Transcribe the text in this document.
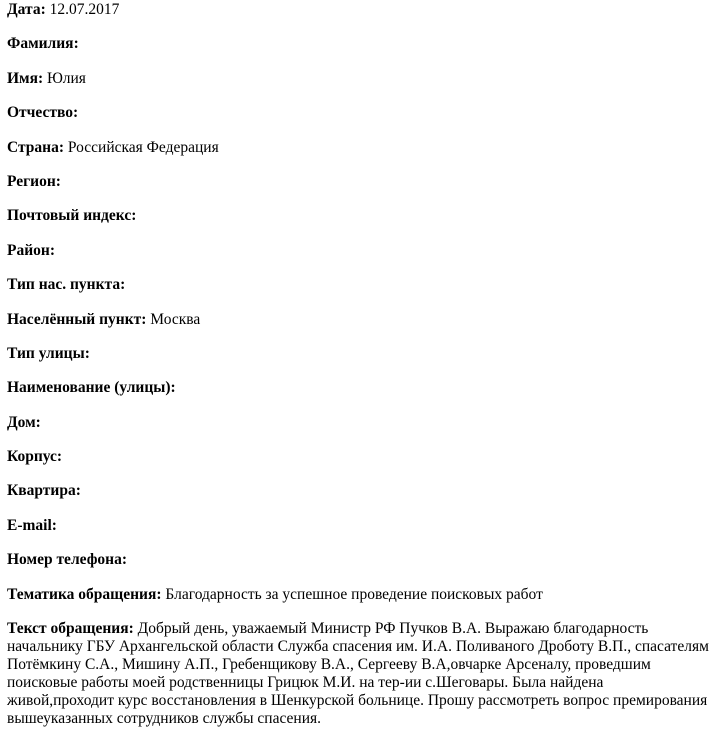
Дата: 12.07.2017

Фамилия:

Имя: Юлия

Отчество:

Страна: Российская Федерация

Регион:

Почтовый индекс:

Район:

Тип нас. пункта:

Населённый пункт: Москва

Тип улицы:

Наименование (улицы):

Дом:

Корпус:

Квартира:

E-mail:

Номер телефона:

Тематика обращения: Благодарность за успешное проведение поисковых работ

Текст обращения: Добрый день, уважаемый Министр РФ Пучков В.А. Выражаю благодарность начальнику ГБУ Архангельской области Служба спасения им. И.А. Поливаного Дроботу В.П., спасателям Потёмкину С.А., Мишину А.П., Гребенщикову В.А., Сергееву В.А,овчарке Арсеналу, проведшим поисковые работы моей родственницы Грицюк М.И. на тер-ии с.Шеговары. Была найдена живой,проходит курс восстановления в Шенкурской больнице. Прошу рассмотреть вопрос премирования вышеуказанных сотрудников службы спасения.
